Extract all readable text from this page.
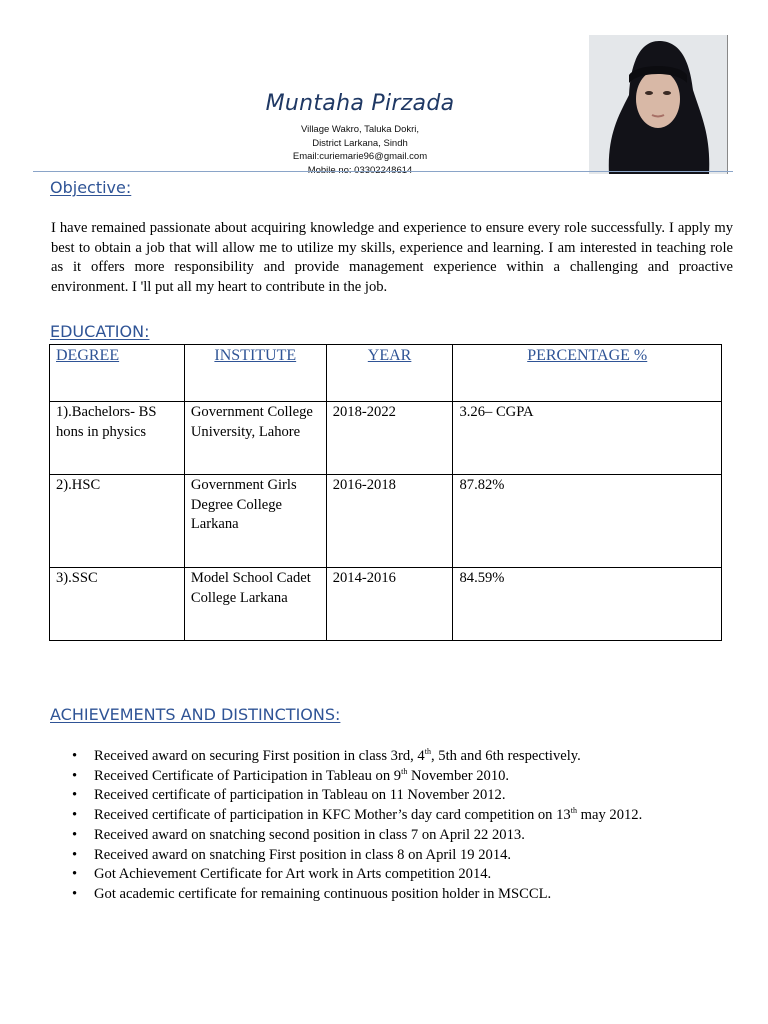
Muntaha Pirzada
Village Wakro, Taluka Dokri,
District Larkana, Sindh
Email:curiemarie96@gmail.com
Mobile no: 03302248614
Objective:
I have remained passionate about acquiring knowledge and experience to ensure every role successfully. I apply my best to obtain a job that will allow me to utilize my skills, experience and learning. I am interested in teaching role as it offers more responsibility and provide management experience within a challenging and proactive environment. I 'll put all my heart to contribute in the job.
EDUCATION:
DEGREE	INSTITUTE	YEAR	PERCENTAGE %
1).Bachelors- BS hons in physics	Government College University, Lahore	2018-2022	3.26– CGPA
2).HSC	Government Girls Degree College Larkana	2016-2018	87.82%
3).SSC	Model School Cadet College Larkana	2014-2016	84.59%
ACHIEVEMENTS AND DISTINCTIONS:
• Received award on securing First position in class 3rd, 4th, 5th and 6th respectively.
• Received Certificate of Participation in Tableau on 9th November 2010.
• Received certificate of participation in Tableau on 11 November 2012.
• Received certificate of participation in KFC Mother’s day card competition on 13th may 2012.
• Received award on snatching second position in class 7 on April 22 2013.
• Received award on snatching First position in class 8 on April 19 2014.
• Got Achievement Certificate for Art work in Arts competition 2014.
• Got academic certificate for remaining continuous position holder in MSCCL.
